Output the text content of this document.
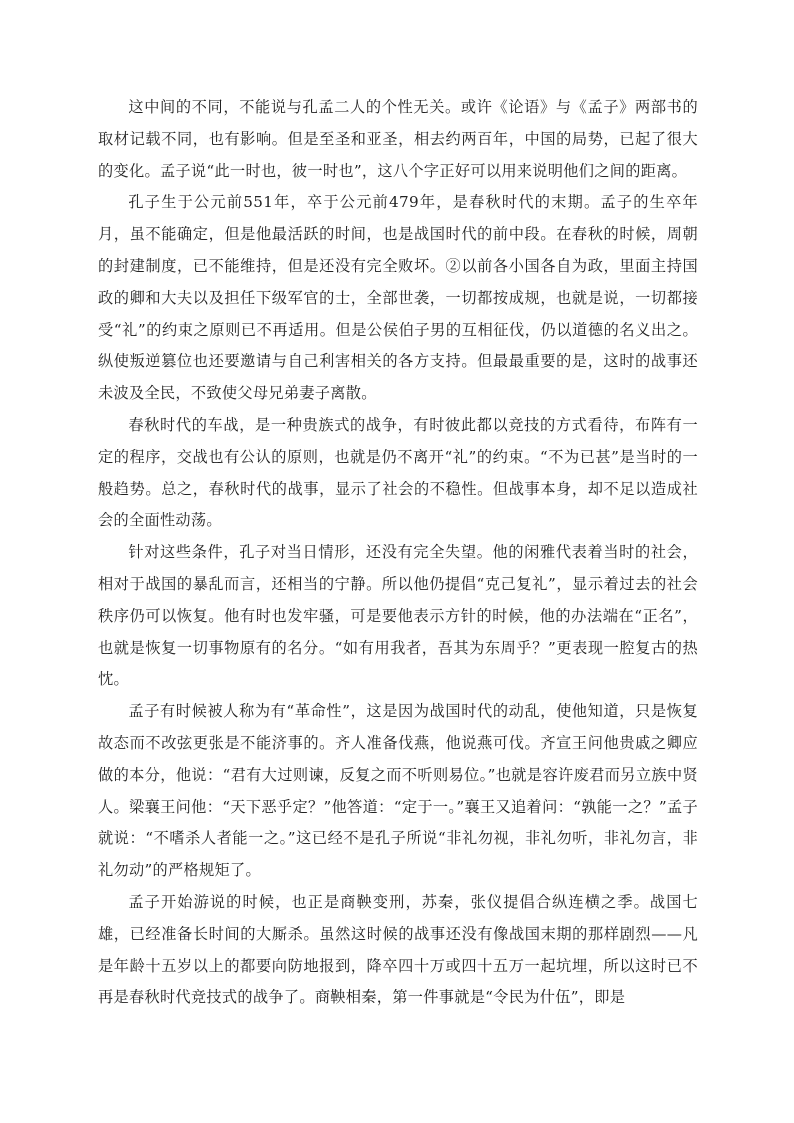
这中间的不同，不能说与孔孟二人的个性无关。或许《论语》与《孟子》两部书的取材记载不同，也有影响。但是至圣和亚圣，相去约两百年，中国的局势，已起了很大的变化。孟子说“此一时也，彼一时也”，这八个字正好可以用来说明他们之间的距离。

孔子生于公元前551年，卒于公元前479年，是春秋时代的末期。孟子的生卒年月，虽不能确定，但是他最活跃的时间，也是战国时代的前中段。在春秋的时候，周朝的封建制度，已不能维持，但是还没有完全败坏。②以前各小国各自为政，里面主持国政的卿和大夫以及担任下级军官的士，全部世袭，一切都按成规，也就是说，一切都接受“礼”的约束之原则已不再适用。但是公侯伯子男的互相征伐，仍以道德的名义出之。纵使叛逆篡位也还要邀请与自己利害相关的各方支持。但最最重要的是，这时的战事还未波及全民，不致使父母兄弟妻子离散。

春秋时代的车战，是一种贵族式的战争，有时彼此都以竞技的方式看待，布阵有一定的程序，交战也有公认的原则，也就是仍不离开“礼”的约束。“不为已甚”是当时的一般趋势。总之，春秋时代的战事，显示了社会的不稳性。但战事本身，却不足以造成社会的全面性动荡。

针对这些条件，孔子对当日情形，还没有完全失望。他的闲雅代表着当时的社会，相对于战国的暴乱而言，还相当的宁静。所以他仍提倡“克己复礼”，显示着过去的社会秩序仍可以恢复。他有时也发牢骚，可是要他表示方针的时候，他的办法端在“正名”，也就是恢复一切事物原有的名分。“如有用我者，吾其为东周乎？”更表现一腔复古的热忱。

孟子有时候被人称为有“革命性”，这是因为战国时代的动乱，使他知道，只是恢复故态而不改弦更张是不能济事的。齐人准备伐燕，他说燕可伐。齐宣王问他贵戚之卿应做的本分，他说：“君有大过则谏，反复之而不听则易位。”也就是容许废君而另立族中贤人。梁襄王问他：“天下恶乎定？”他答道：“定于一。”襄王又追着问：“孰能一之？”孟子就说：“不嗜杀人者能一之。”这已经不是孔子所说“非礼勿视，非礼勿听，非礼勿言，非礼勿动”的严格规矩了。

孟子开始游说的时候，也正是商鞅变刑，苏秦，张仪提倡合纵连横之季。战国七雄，已经准备长时间的大厮杀。虽然这时候的战事还没有像战国末期的那样剧烈——凡是年龄十五岁以上的都要向防地报到，降卒四十万或四十五万一起坑埋，所以这时已不再是春秋时代竞技式的战争了。商鞅相秦，第一件事就是“令民为什伍”，即是
